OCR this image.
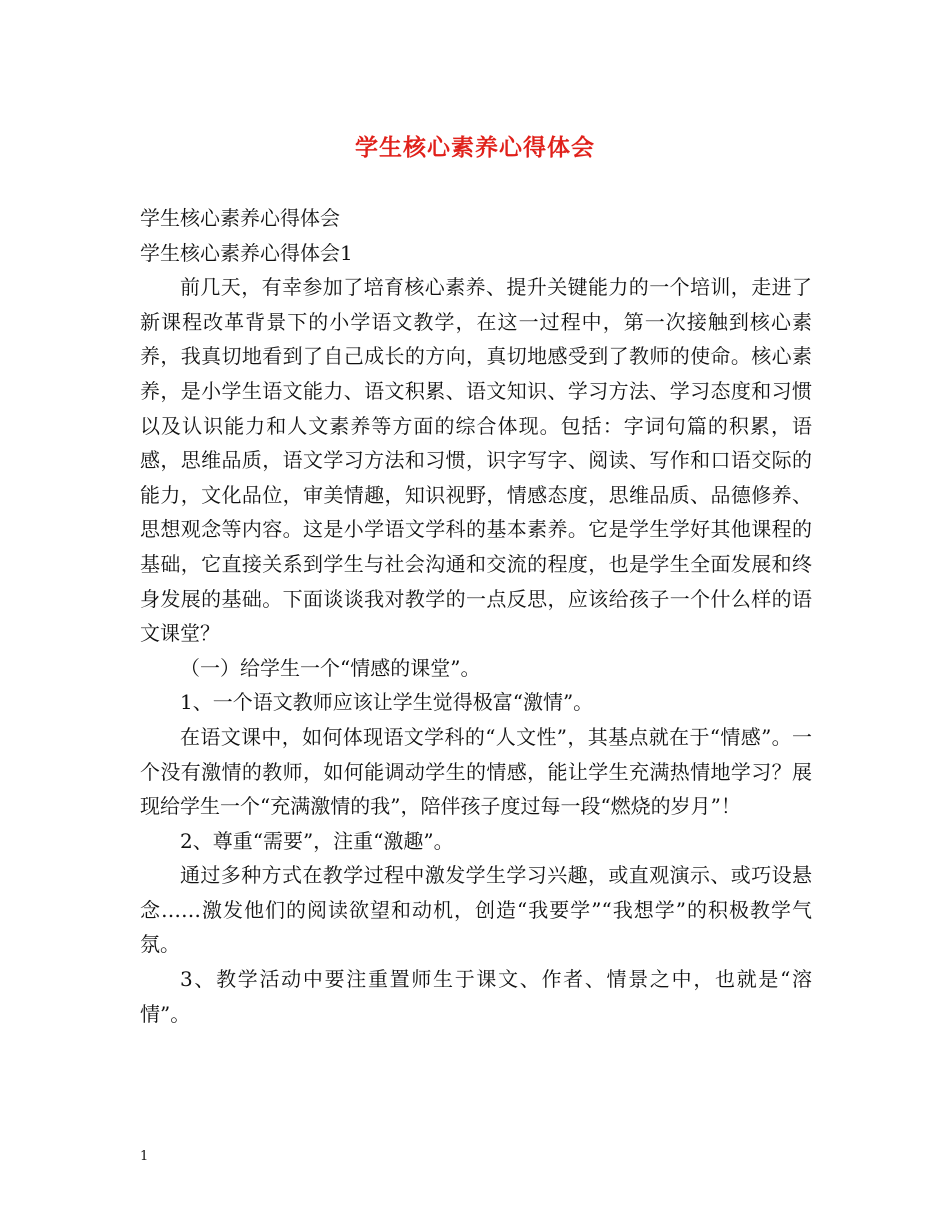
学生核心素养心得体会

学生核心素养心得体会

学生核心素养心得体会1

前几天，有幸参加了培育核心素养、提升关键能力的一个培训，走进了新课程改革背景下的小学语文教学，在这一过程中，第一次接触到核心素养，我真切地看到了自己成长的方向，真切地感受到了教师的使命。核心素养，是小学生语文能力、语文积累、语文知识、学习方法、学习态度和习惯以及认识能力和人文素养等方面的综合体现。包括：字词句篇的积累，语感，思维品质，语文学习方法和习惯，识字写字、阅读、写作和口语交际的能力，文化品位，审美情趣，知识视野，情感态度，思维品质、品德修养、思想观念等内容。这是小学语文学科的基本素养。它是学生学好其他课程的基础，它直接关系到学生与社会沟通和交流的程度，也是学生全面发展和终身发展的基础。下面谈谈我对教学的一点反思，应该给孩子一个什么样的语文课堂？

（一）给学生一个“情感的课堂”。

1、一个语文教师应该让学生觉得极富“激情”。

在语文课中，如何体现语文学科的“人文性”，其基点就在于“情感”。一个没有激情的教师，如何能调动学生的情感，能让学生充满热情地学习？展现给学生一个“充满激情的我”，陪伴孩子度过每一段“燃烧的岁月”！

2、尊重“需要”，注重“激趣”。

通过多种方式在教学过程中激发学生学习兴趣，或直观演示、或巧设悬念……激发他们的阅读欲望和动机，创造“我要学”“我想学”的积极教学气氛。

3、教学活动中要注重置师生于课文、作者、情景之中，也就是“溶情”。

1
